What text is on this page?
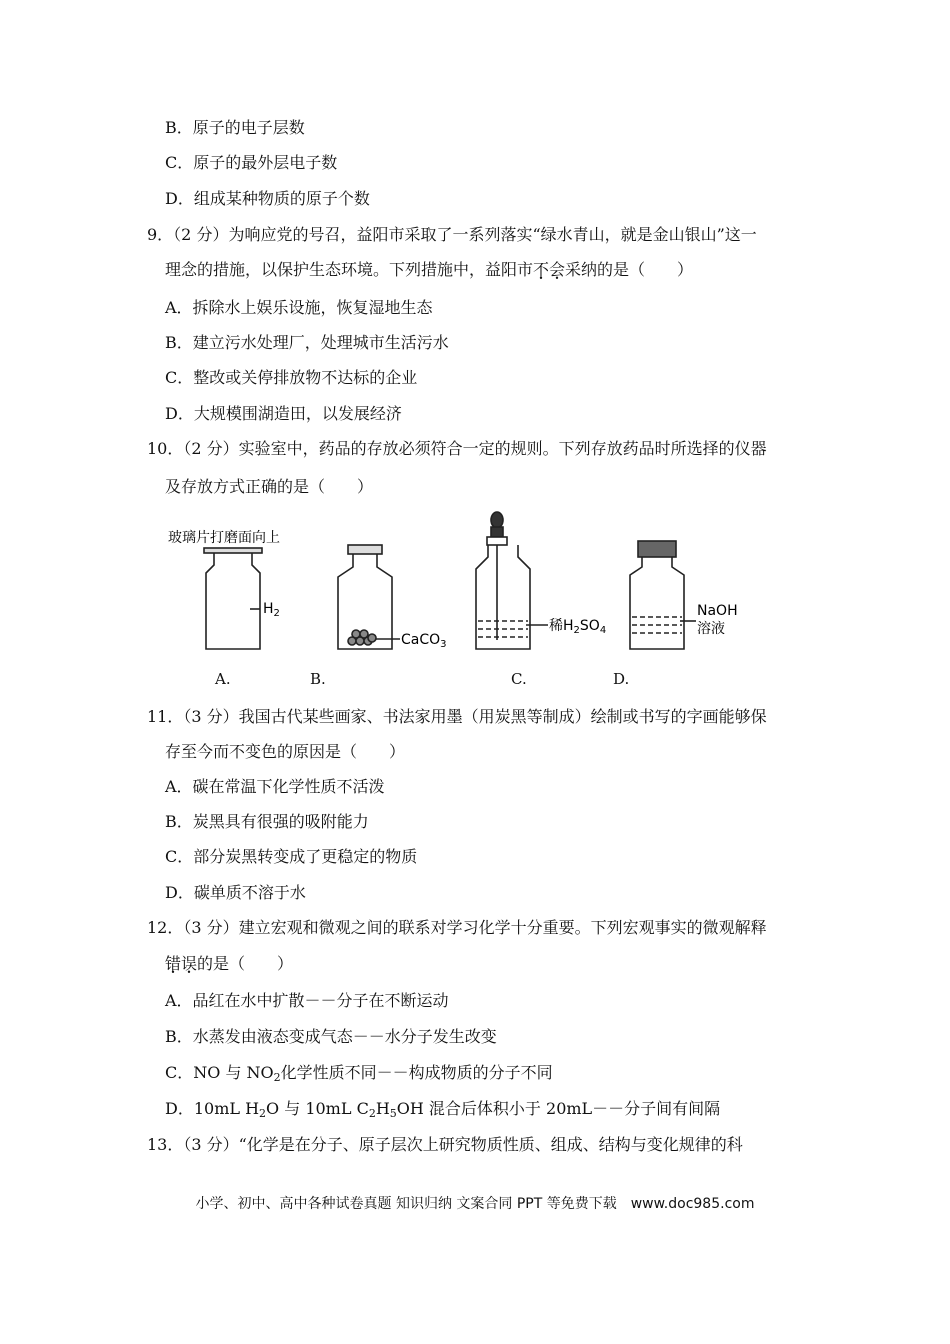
B．原子的电子层数
C．原子的最外层电子数
D．组成某种物质的原子个数
9．（2 分）为响应党的号召，益阳市采取了一系列落实“绿水青山，就是金山银山”这一
理念的措施，以保护生态环境。下列措施中，益阳市不会采纳的是（　　）
A．拆除水上娱乐设施，恢复湿地生态
B．建立污水处理厂，处理城市生活污水
C．整改或关停排放物不达标的企业
D．大规模围湖造田，以发展经济
10．（2 分）实验室中，药品的存放必须符合一定的规则。下列存放药品时所选择的仪器
及存放方式正确的是（　　）
玻璃片打磨面向上
$H_2$
CaCO$_3$
稀$H_2SO_4$
NaOH
溶液
A.	B.	C.	D.
11．（3 分）我国古代某些画家、书法家用墨（用炭黑等制成）绘制或书写的字画能够保
存至今而不变色的原因是（　　）
A．碳在常温下化学性质不活泼
B．炭黑具有很强的吸附能力
C．部分炭黑转变成了更稳定的物质
D．碳单质不溶于水
12．（3 分）建立宏观和微观之间的联系对学习化学十分重要。下列宏观事实的微观解释
错误的是（　　）
A．品红在水中扩散－－分子在不断运动
B．水蒸发由液态变成气态－－水分子发生改变
C．NO 与 $NO_2$化学性质不同－－构成物质的分子不同
D．10mL $H_2O$ 与 10mL $C_2H_5OH$ 混合后体积小于 20mL－－分子间有间隔
13．（3 分）“化学是在分子、原子层次上研究物质性质、组成、结构与变化规律的科
小学、初中、高中各种试卷真题 知识归纳 文案合同 PPT 等免费下载　www.doc985.com
